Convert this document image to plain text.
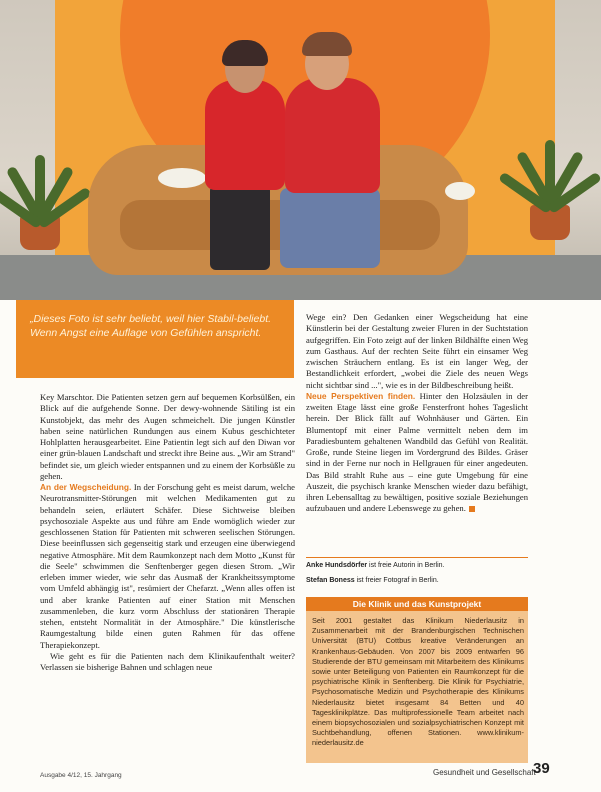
„Dieses Foto ist sehr beliebt, weil hier Stabil-beliebt. Wenn Angst eine Auflage von Gefühlen anspricht.

Key Marschtor. Die Patienten setzen gern auf bequemen Korbsülßen, ein Blick auf die aufgehende Sonne. Der dewy-wohnende Sätiling ist ein Kunstobjekt, das mehr des Augen schmeichelt. Die jungen Künstler haben seine natürlichen Rundungen aus einem Kubus geschichteter Hohlplatten herausgearbeitet. Eine Patientin legt sich auf den Diwan vor einer grün-blauen Landschaft und streckt ihre Beine aus. „Wir am Strand" befindet sie, um gleich wieder entspannen und zu einem der Korbsüßle zu gehen.

An der Wegscheidung. In der Forschung geht es meist darum, welche Neurotransmitter-Störungen mit welchen Medikamenten gut zu behandeln seien, erläutert Schäfer. Diese Sichtweise bleiben psychosoziale Aspekte aus und führe am Ende womöglich wieder zur geschlossenen Station für Patienten mit schweren seelischen Störungen. Diese beeinflussen sich gegenseitig stark und erzeugen eine überwiegend negative Atmosphäre. Mit dem Raumkonzept nach dem Motto „Kunst für die Seele" schwimmen die Senftenberger gegen diesen Strom. „Wir erleben immer wieder, wie sehr das Ausmaß der Krankheitssymptome vom Umfeld abhängig ist", resümiert der Chefarzt. „Wenn alles offen ist und aber kranke Patienten auf einer Station mit Menschen zusammenleben, die kurz vorm Abschluss der stationären Therapie stehen, entsteht Normalität in der Atmosphäre." Die künstlerische Raumgestaltung bilde einen guten Rahmen für das offene Therapiekonzept.

Wie geht es für die Patienten nach dem Klinikaufenthalt weiter? Verlassen sie bisherige Bahnen und schlagen neue

Wege ein? Den Gedanken einer Wegscheidung hat eine Künstlerin bei der Gestaltung zweier Fluren in der Suchtstation aufgegriffen. Ein Foto zeigt auf der linken Bildhälfte einen Weg zum Gasthaus. Auf der rechten Seite führt ein einsamer Weg zwischen Sträuchern entlang. Es ist ein langer Weg, der Bestandlichkeit erfordert, „wobei die Ziele des neuen Wegs nicht sichtbar sind ...", wie es in der Bildbeschreibung heißt.

Neue Perspektiven finden. Hinter den Holzsäulen in der zweiten Etage lässt eine große Fensterfront hohes Tageslicht herein. Der Blick fällt auf Wohnhäuser und Gärten. Ein Blumentopf mit einer Palme vermittelt neben dem im Paradiesbuntem gehaltenen Wandbild das Gefühl von Realität. Große, runde Steine liegen im Vordergrund des Bildes. Gräser sind in der Ferne nur noch in Hellgrauen für einer angedeuten. Das Bild strahlt Ruhe aus – eine gute Umgebung für eine Auszeit, die psychisch kranke Menschen wieder dazu befähigt, ihren Lebensalltag zu bewältigen, positive soziale Beziehungen aufzubauen und andere Lebenswege zu gehen.

Anke Hundsdörfer ist freie Autorin in Berlin.
Stefan Boness ist freier Fotograf in Berlin.
Die Klinik und das Kunstprojekt
Seit 2001 gestaltet das Klinikum Niederlausitz in Zusammenarbeit mit der Brandenburgischen Technischen Universität (BTU) Cottbus kreative Veränderungen an Krankenhaus-Gebäuden. Von 2007 bis 2009 entwarfen 96 Studierende der BTU gemeinsam mit Mitarbeitern des Klinikums sowie unter Beteiligung von Patienten ein Raumkonzept für die psychiatrische Klinik in Senftenberg. Die Klinik für Psychiatrie, Psychosomatische Medizin und Psychotherapie des Klinikums Niederlausitz bietet insgesamt 84 Betten und 40 Tagesklinikplätze. Das multiprofessionelle Team arbeitet nach einem biopsychosozialen und sozialpsychiatrischen Konzept mit Suchtbehandlung, offenen Stationen. www.klinikum-niederlausitz.de
Ausgabe 4/12, 15. Jahrgang	Gesundheit und Gesellschaft
39
